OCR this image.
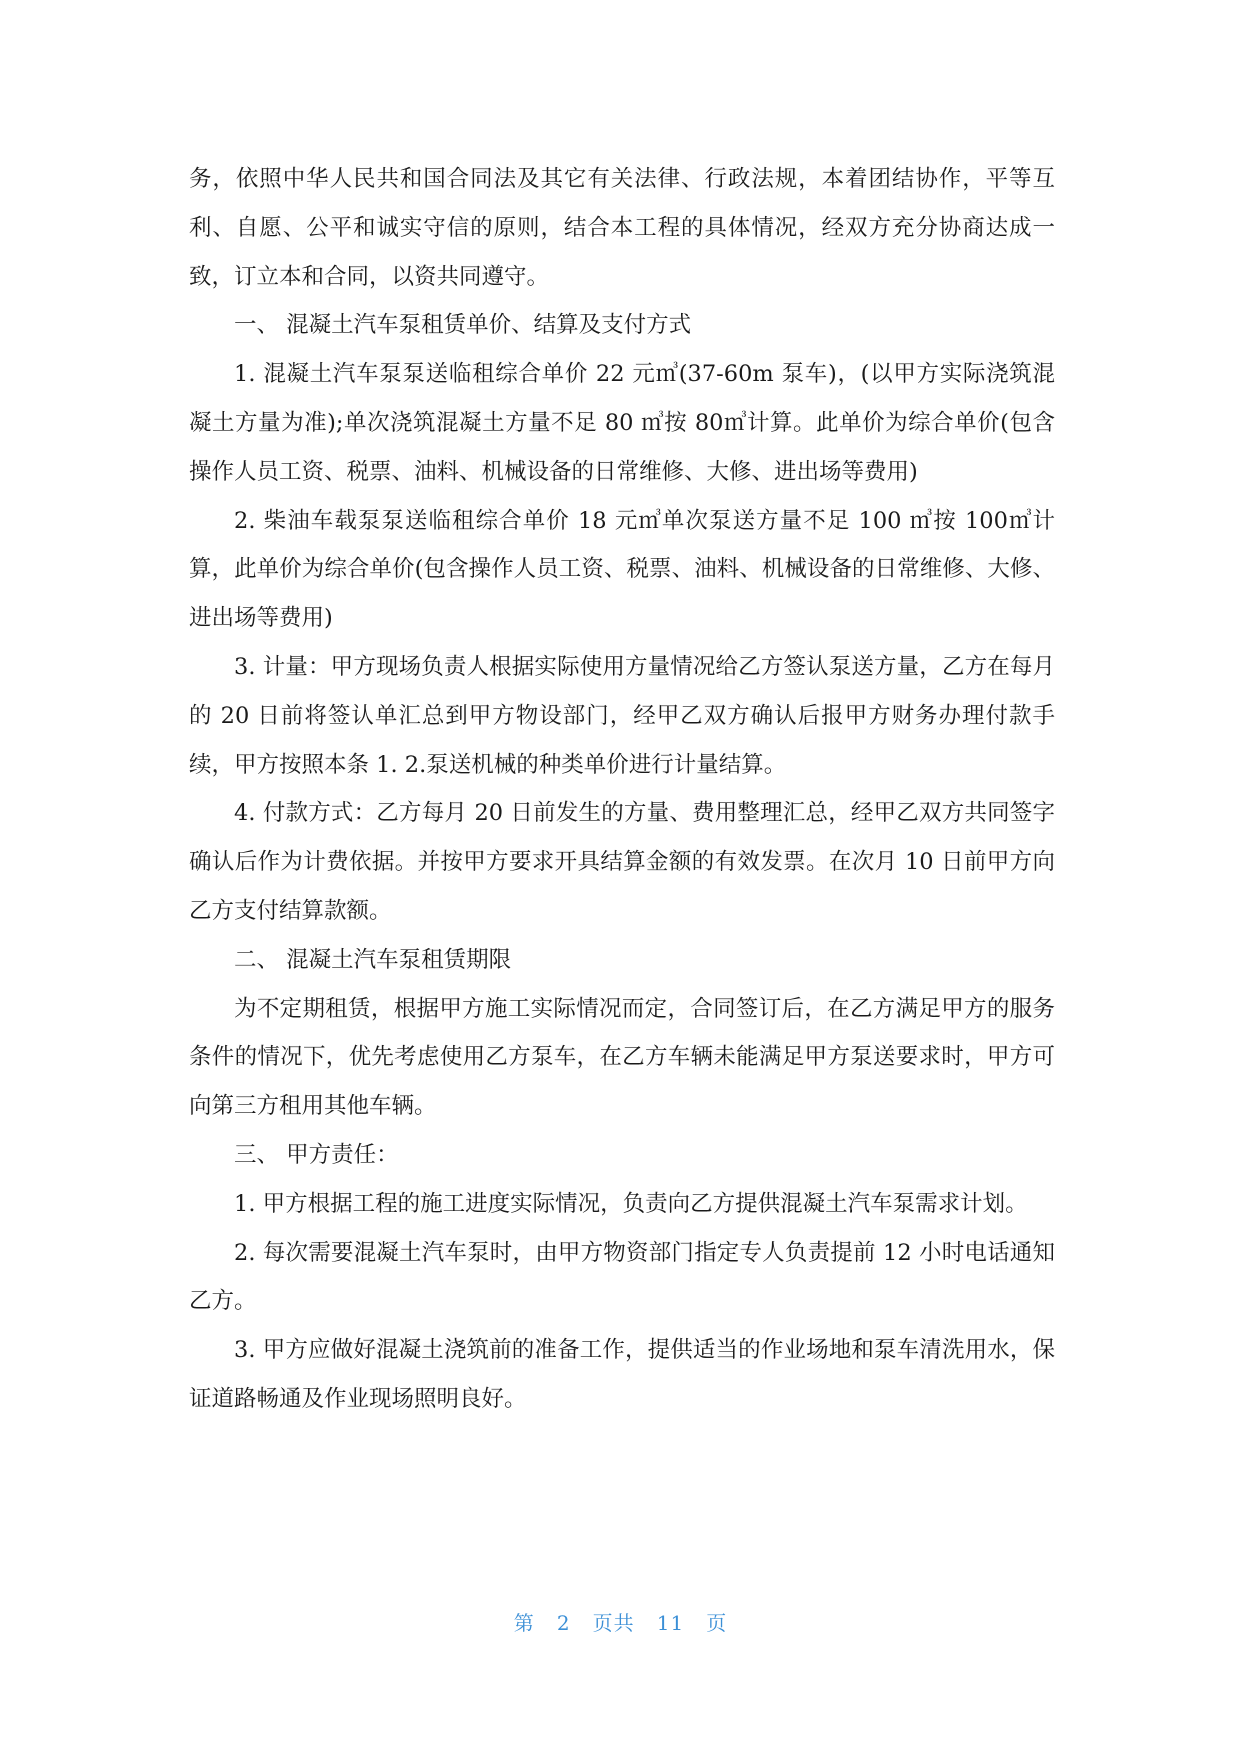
务，依照中华人民共和国合同法及其它有关法律、行政法规，本着团结协作，平等互利、自愿、公平和诚实守信的原则，结合本工程的具体情况，经双方充分协商达成一致，订立本和合同，以资共同遵守。

一、 混凝土汽车泵租赁单价、结算及支付方式

1. 混凝土汽车泵泵送临租综合单价 22 元㎥(37-60m 泵车)，(以甲方实际浇筑混凝土方量为准);单次浇筑混凝土方量不足 80 ㎥按 80㎥计算。此单价为综合单价(包含操作人员工资、税票、油料、机械设备的日常维修、大修、进出场等费用)

2. 柴油车载泵泵送临租综合单价 18 元㎥单次泵送方量不足 100 ㎥按 100㎥计算，此单价为综合单价(包含操作人员工资、税票、油料、机械设备的日常维修、大修、进出场等费用)

3. 计量：甲方现场负责人根据实际使用方量情况给乙方签认泵送方量，乙方在每月的 20 日前将签认单汇总到甲方物设部门，经甲乙双方确认后报甲方财务办理付款手续，甲方按照本条 1. 2.泵送机械的种类单价进行计量结算。

4. 付款方式：乙方每月 20 日前发生的方量、费用整理汇总，经甲乙双方共同签字确认后作为计费依据。并按甲方要求开具结算金额的有效发票。在次月 10 日前甲方向乙方支付结算款额。

二、 混凝土汽车泵租赁期限

为不定期租赁，根据甲方施工实际情况而定，合同签订后，在乙方满足甲方的服务条件的情况下，优先考虑使用乙方泵车，在乙方车辆未能满足甲方泵送要求时，甲方可向第三方租用其他车辆。

三、 甲方责任：

1. 甲方根据工程的施工进度实际情况，负责向乙方提供混凝土汽车泵需求计划。

2. 每次需要混凝土汽车泵时，由甲方物资部门指定专人负责提前 12 小时电话通知乙方。

3. 甲方应做好混凝土浇筑前的准备工作，提供适当的作业场地和泵车清洗用水，保证道路畅通及作业现场照明良好。

第 2 页共 11 页
